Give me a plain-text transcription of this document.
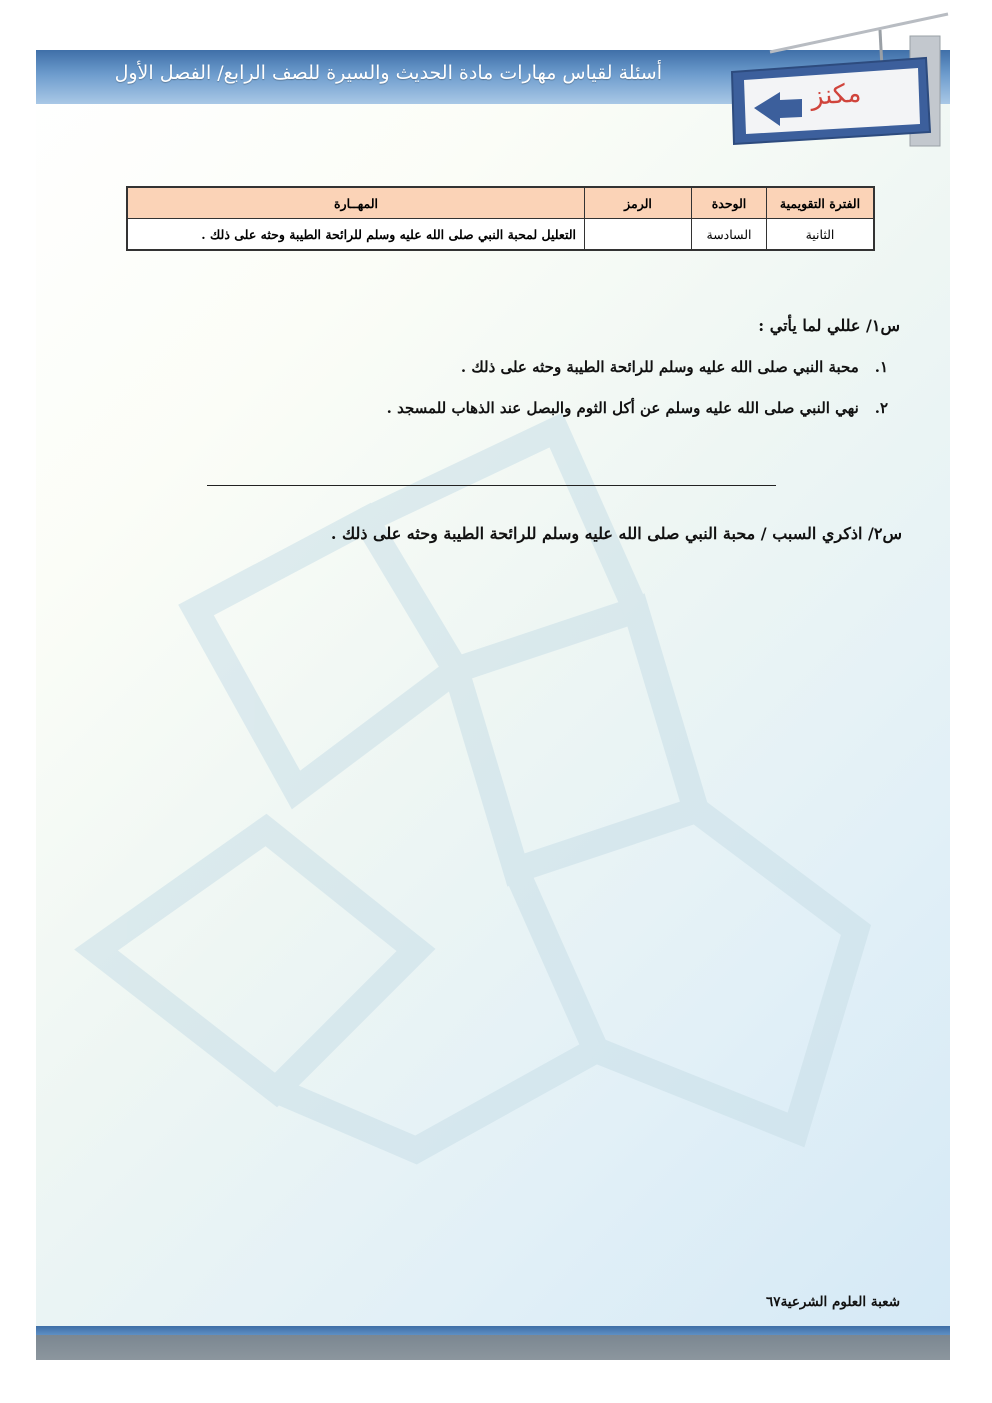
أسئلة لقياس مهارات مادة الحديث والسيرة للصف الرابع/ الفصل الأول
مكنز
الفترة التقويمية	الوحدة	الرمز	المهــارة
الثانية	السادسة		التعليل لمحبة النبي صلى الله عليه وسلم للرائحة الطيبة وحثه على ذلك .
س١/ عللي لما يأتي :
١. محبة النبي صلى الله عليه وسلم للرائحة الطيبة وحثه على ذلك .
٢. نهي النبي صلى الله عليه وسلم عن أكل الثوم والبصل عند الذهاب للمسجد .
س٢/ اذكري السبب / محبة النبي صلى الله عليه وسلم للرائحة الطيبة وحثه على ذلك .
شعبة العلوم الشرعية٦٧
